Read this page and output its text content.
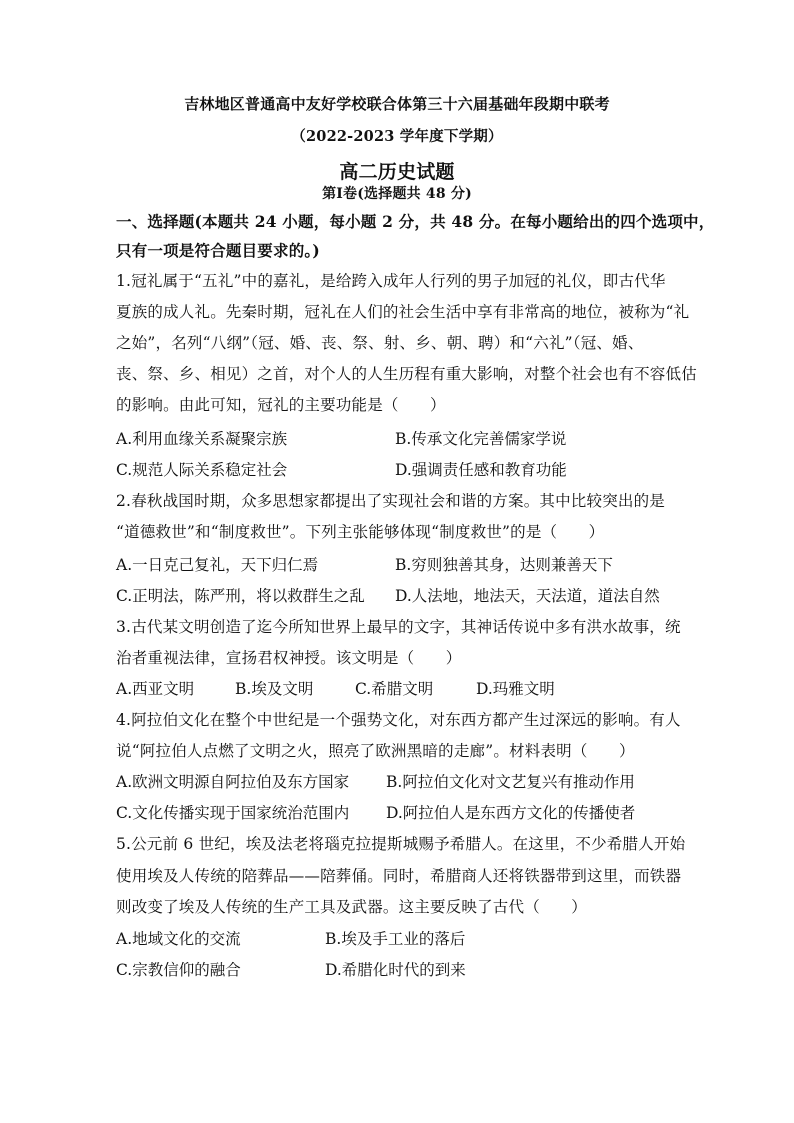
吉林地区普通高中友好学校联合体第三十六届基础年段期中联考
（2022-2023 学年度下学期）
高二历史试题
第Ⅰ卷(选择题共 48 分)
一、选择题(本题共 24 小题，每小题 2 分，共 48 分。在每小题给出的四个选项中，
只有一项是符合题目要求的。)
1.冠礼属于“五礼”中的嘉礼，是给跨入成年人行列的男子加冠的礼仪，即古代华
夏族的成人礼。先秦时期，冠礼在人们的社会生活中享有非常高的地位，被称为“礼
之始”，名列“八纲”（冠、婚、丧、祭、射、乡、朝、聘）和“六礼”（冠、婚、
丧、祭、乡、相见）之首，对个人的人生历程有重大影响，对整个社会也有不容低估
的影响。由此可知，冠礼的主要功能是（　　）
A.利用血缘关系凝聚宗族	B.传承文化完善儒家学说
C.规范人际关系稳定社会	D.强调责任感和教育功能
2.春秋战国时期，众多思想家都提出了实现社会和谐的方案。其中比较突出的是
“道德救世”和“制度救世”。下列主张能够体现“制度救世”的是（　　）
A.一日克己复礼，天下归仁焉	B.穷则独善其身，达则兼善天下
C.正明法，陈严刑，将以救群生之乱 D.人法地，地法天，天法道，道法自然
3.古代某文明创造了迄今所知世界上最早的文字，其神话传说中多有洪水故事，统
治者重视法律，宣扬君权神授。该文明是（　　）
A.西亚文明	B.埃及文明	C.希腊文明	D.玛雅文明
4.阿拉伯文化在整个中世纪是一个强势文化，对东西方都产生过深远的影响。有人
说“阿拉伯人点燃了文明之火，照亮了欧洲黑暗的走廊”。材料表明（　　）
A.欧洲文明源自阿拉伯及东方国家 B.阿拉伯文化对文艺复兴有推动作用
C.文化传播实现于国家统治范围内 D.阿拉伯人是东西方文化的传播使者
5.公元前 6 世纪，埃及法老将瑙克拉提斯城赐予希腊人。在这里，不少希腊人开始
使用埃及人传统的陪葬品——陪葬俑。同时，希腊商人还将铁器带到这里，而铁器
则改变了埃及人传统的生产工具及武器。这主要反映了古代（　　）
A.地域文化的交流	B.埃及手工业的落后
C.宗教信仰的融合	D.希腊化时代的到来
